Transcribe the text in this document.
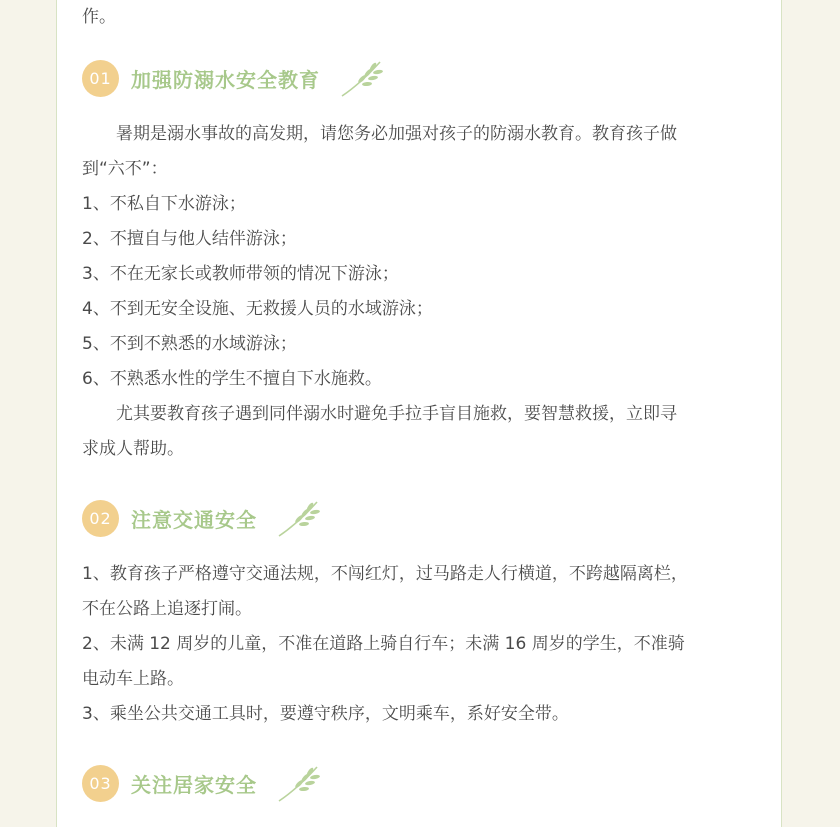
作。

01 加强防溺水安全教育

暑期是溺水事故的高发期，请您务必加强对孩子的防溺水教育。教育孩子做

到“六不”：

1、不私自下水游泳；

2、不擅自与他人结伴游泳；

3、不在无家长或教师带领的情况下游泳；

4、不到无安全设施、无救援人员的水域游泳；

5、不到不熟悉的水域游泳；

6、不熟悉水性的学生不擅自下水施救。

尤其要教育孩子遇到同伴溺水时避免手拉手盲目施救，要智慧救援，立即寻

求成人帮助。

02 注意交通安全

1、教育孩子严格遵守交通法规，不闯红灯，过马路走人行横道，不跨越隔离栏，

不在公路上追逐打闹。

2、未满 12 周岁的儿童，不准在道路上骑自行车；未满 16 周岁的学生，不准骑

电动车上路。

3、乘坐公共交通工具时，要遵守秩序，文明乘车，系好安全带。

03 关注居家安全
